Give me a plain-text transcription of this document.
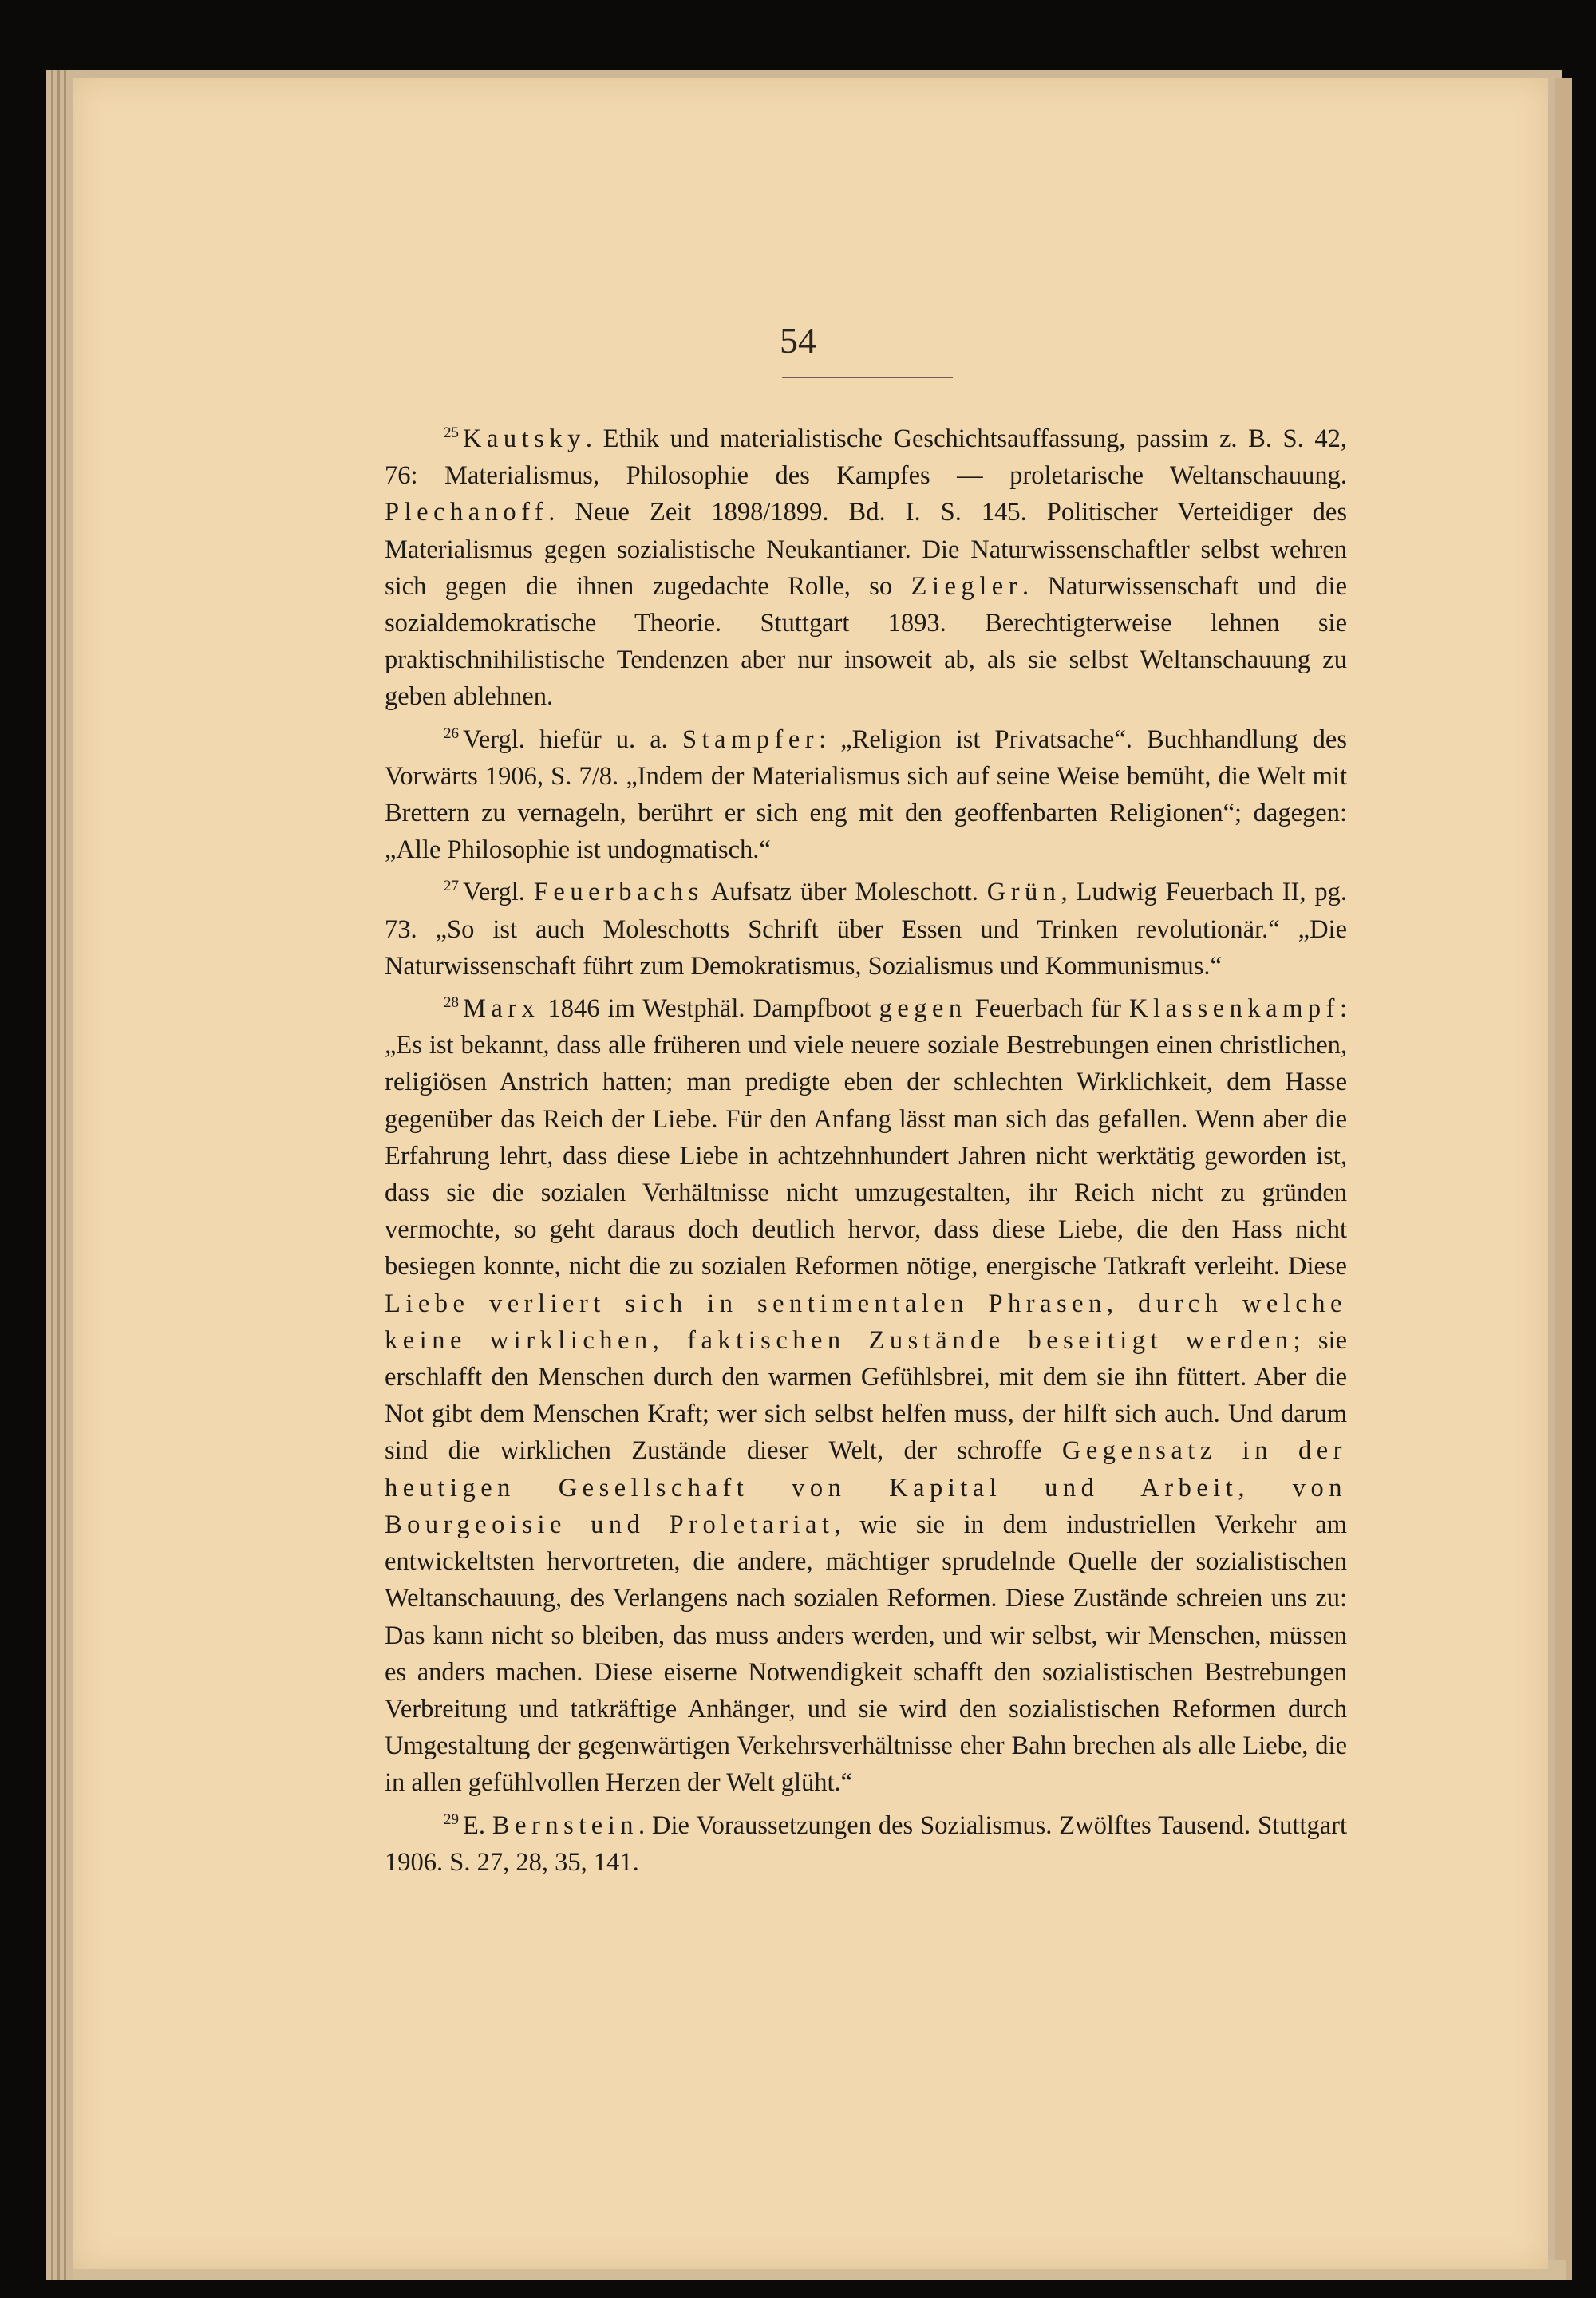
54

$^{25}$ Kautsky. Ethik und materialistische Geschichtsauffassung, passim z. B. S. 42, 76: Materialismus, Philosophie des Kampfes — proletarische Weltanschauung. Plechanoff. Neue Zeit 1898/1899. Bd. I. S. 145. Politischer Verteidiger des Materialismus gegen sozialistische Neukantianer. Die Naturwissenschaftler selbst wehren sich gegen die ihnen zugedachte Rolle, so Ziegler. Naturwissenschaft und die sozialdemokratische Theorie. Stuttgart 1893. Berechtigterweise lehnen sie praktischnihilistische Tendenzen aber nur insoweit ab, als sie selbst Weltanschauung zu geben ablehnen.

$^{26}$ Vergl. hiefür u. a. Stampfer: „Religion ist Privatsache“. Buchhandlung des Vorwärts 1906, S. 7/8. „Indem der Materialismus sich auf seine Weise bemüht, die Welt mit Brettern zu vernageln, berührt er sich eng mit den geoffenbarten Religionen“; dagegen: „Alle Philosophie ist undogmatisch.“

$^{27}$ Vergl. Feuerbachs Aufsatz über Moleschott. Grün, Ludwig Feuerbach II, pg. 73. „So ist auch Moleschotts Schrift über Essen und Trinken revolutionär.“ „Die Naturwissenschaft führt zum Demokratismus, Sozialismus und Kommunismus.“

$^{28}$ Marx 1846 im Westphäl. Dampfboot gegen Feuerbach für Klassenkampf: „Es ist bekannt, dass alle früheren und viele neuere soziale Bestrebungen einen christlichen, religiösen Anstrich hatten; man predigte eben der schlechten Wirklichkeit, dem Hasse gegenüber das Reich der Liebe. Für den Anfang lässt man sich das gefallen. Wenn aber die Erfahrung lehrt, dass diese Liebe in achtzehnhundert Jahren nicht werktätig geworden ist, dass sie die sozialen Verhältnisse nicht umzugestalten, ihr Reich nicht zu gründen vermochte, so geht daraus doch deutlich hervor, dass diese Liebe, die den Hass nicht besiegen konnte, nicht die zu sozialen Reformen nötige, energische Tatkraft verleiht. Diese Liebe verliert sich in sentimentalen Phrasen, durch welche keine wirklichen, faktischen Zustände beseitigt werden; sie erschlafft den Menschen durch den warmen Gefühlsbrei, mit dem sie ihn füttert. Aber die Not gibt dem Menschen Kraft; wer sich selbst helfen muss, der hilft sich auch. Und darum sind die wirklichen Zustände dieser Welt, der schroffe Gegensatz in der heutigen Gesellschaft von Kapital und Arbeit, von Bourgeoisie und Proletariat, wie sie in dem industriellen Verkehr am entwickeltsten hervortreten, die andere, mächtiger sprudelnde Quelle der sozialistischen Weltanschauung, des Verlangens nach sozialen Reformen. Diese Zustände schreien uns zu: Das kann nicht so bleiben, das muss anders werden, und wir selbst, wir Menschen, müssen es anders machen. Diese eiserne Notwendigkeit schafft den sozialistischen Bestrebungen Verbreitung und tatkräftige Anhänger, und sie wird den sozialistischen Reformen durch Umgestaltung der gegenwärtigen Verkehrsverhältnisse eher Bahn brechen als alle Liebe, die in allen gefühlvollen Herzen der Welt glüht.“

$^{29}$ E. Bernstein. Die Voraussetzungen des Sozialismus. Zwölftes Tausend. Stuttgart 1906. S. 27, 28, 35, 141.
